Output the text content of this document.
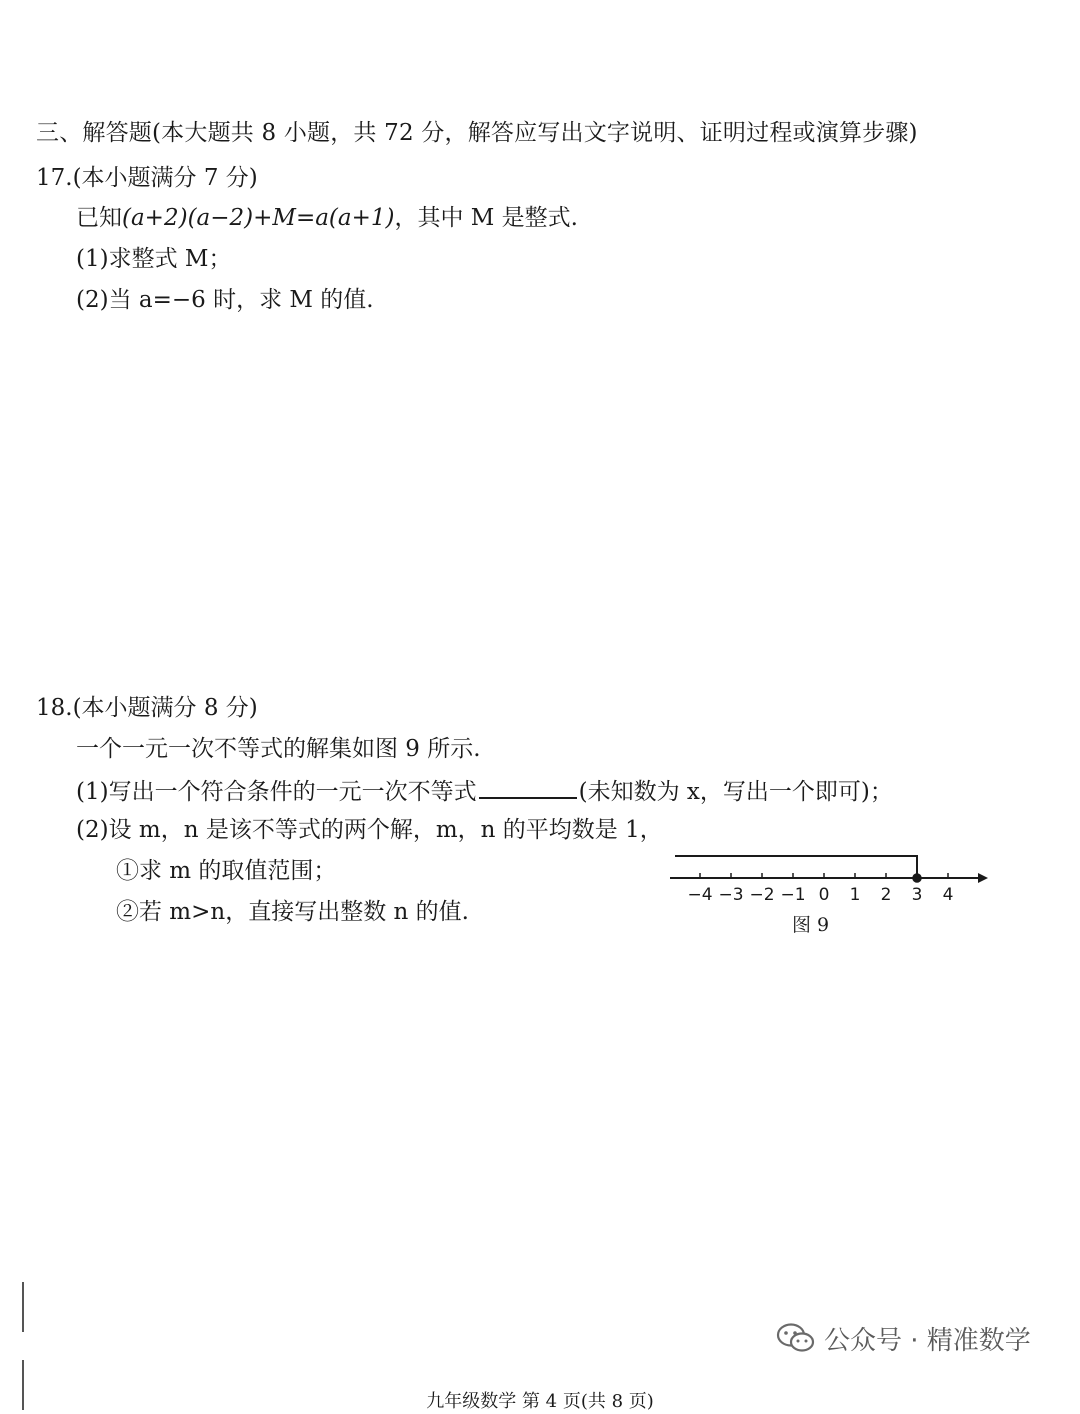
三、解答题(本大题共 8 小题，共 72 分，解答应写出文字说明、证明过程或演算步骤)
17.(本小题满分 7 分)
已知(a+2)(a−2)+M=a(a+1)，其中 M 是整式.
(1)求整式 M；
(2)当 a=−6 时，求 M 的值.
18.(本小题满分 8 分)
一个一元一次不等式的解集如图 9 所示.
(1)写出一个符合条件的一元一次不等式	(未知数为 x，写出一个即可)；
(2)设 m，n 是该不等式的两个解，m，n 的平均数是 1，
①求 m 的取值范围；
②若 m>n，直接写出整数 n 的值.
−4 −3 −2 −1 0 1 2 3 4
图 9
公众号 · 精准数学
九年级数学 第 4 页(共 8 页)
